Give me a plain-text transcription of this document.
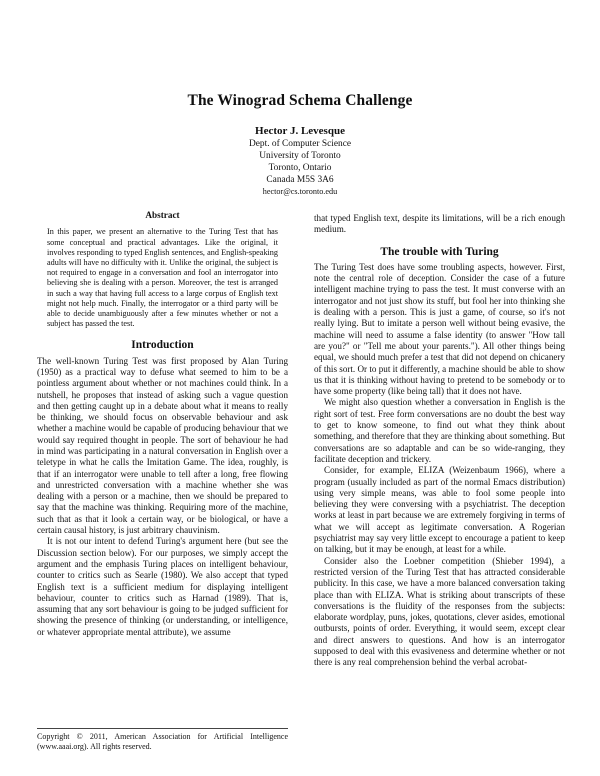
The Winograd Schema Challenge
Hector J. Levesque
Dept. of Computer Science
University of Toronto
Toronto, Ontario
Canada M5S 3A6
hector@cs.toronto.edu
Abstract

In this paper, we present an alternative to the Turing Test that has some conceptual and practical advantages. Like the original, it involves responding to typed English sentences, and English-speaking adults will have no difficulty with it. Unlike the original, the subject is not required to engage in a conversation and fool an interrogator into believing she is dealing with a person. Moreover, the test is arranged in such a way that having full access to a large corpus of English text might not help much. Finally, the interrogator or a third party will be able to decide unambiguously after a few minutes whether or not a subject has passed the test.

Introduction

The well-known Turing Test was first proposed by Alan Turing (1950) as a practical way to defuse what seemed to him to be a pointless argument about whether or not machines could think. In a nutshell, he proposes that instead of asking such a vague question and then getting caught up in a debate about what it means to really be thinking, we should focus on observable behaviour and ask whether a machine would be capable of producing behaviour that we would say required thought in people. The sort of behaviour he had in mind was participating in a natural conversation in English over a teletype in what he calls the Imitation Game. The idea, roughly, is that if an interrogator were unable to tell after a long, free flowing and unrestricted conversation with a machine whether she was dealing with a person or a machine, then we should be prepared to say that the machine was thinking. Requiring more of the machine, such that as that it look a certain way, or be biological, or have a certain causal history, is just arbitrary chauvinism.

It is not our intent to defend Turing's argument here (but see the Discussion section below). For our purposes, we simply accept the argument and the emphasis Turing places on intelligent behaviour, counter to critics such as Searle (1980). We also accept that typed English text is a sufficient medium for displaying intelligent behaviour, counter to critics such as Harnad (1989). That is, assuming that any sort behaviour is going to be judged sufficient for showing the presence of thinking (or understanding, or intelligence, or whatever appropriate mental attribute), we assume

Copyright © 2011, American Association for Artificial Intelligence (www.aaai.org). All rights reserved.

that typed English text, despite its limitations, will be a rich enough medium.

The trouble with Turing

The Turing Test does have some troubling aspects, however. First, note the central role of deception. Consider the case of a future intelligent machine trying to pass the test. It must converse with an interrogator and not just show its stuff, but fool her into thinking she is dealing with a person. This is just a game, of course, so it's not really lying. But to imitate a person well without being evasive, the machine will need to assume a false identity (to answer "How tall are you?" or "Tell me about your parents."). All other things being equal, we should much prefer a test that did not depend on chicanery of this sort. Or to put it differently, a machine should be able to show us that it is thinking without having to pretend to be somebody or to have some property (like being tall) that it does not have.

We might also question whether a conversation in English is the right sort of test. Free form conversations are no doubt the best way to get to know someone, to find out what they think about something, and therefore that they are thinking about something. But conversations are so adaptable and can be so wide-ranging, they facilitate deception and trickery.

Consider, for example, ELIZA (Weizenbaum 1966), where a program (usually included as part of the normal Emacs distribution) using very simple means, was able to fool some people into believing they were conversing with a psychiatrist. The deception works at least in part because we are extremely forgiving in terms of what we will accept as legitimate conversation. A Rogerian psychiatrist may say very little except to encourage a patient to keep on talking, but it may be enough, at least for a while.

Consider also the Loebner competition (Shieber 1994), a restricted version of the Turing Test that has attracted considerable publicity. In this case, we have a more balanced conversation taking place than with ELIZA. What is striking about transcripts of these conversations is the fluidity of the responses from the subjects: elaborate wordplay, puns, jokes, quotations, clever asides, emotional outbursts, points of order. Everything, it would seem, except clear and direct answers to questions. And how is an interrogator supposed to deal with this evasiveness and determine whether or not there is any real comprehension behind the verbal acrobat-
